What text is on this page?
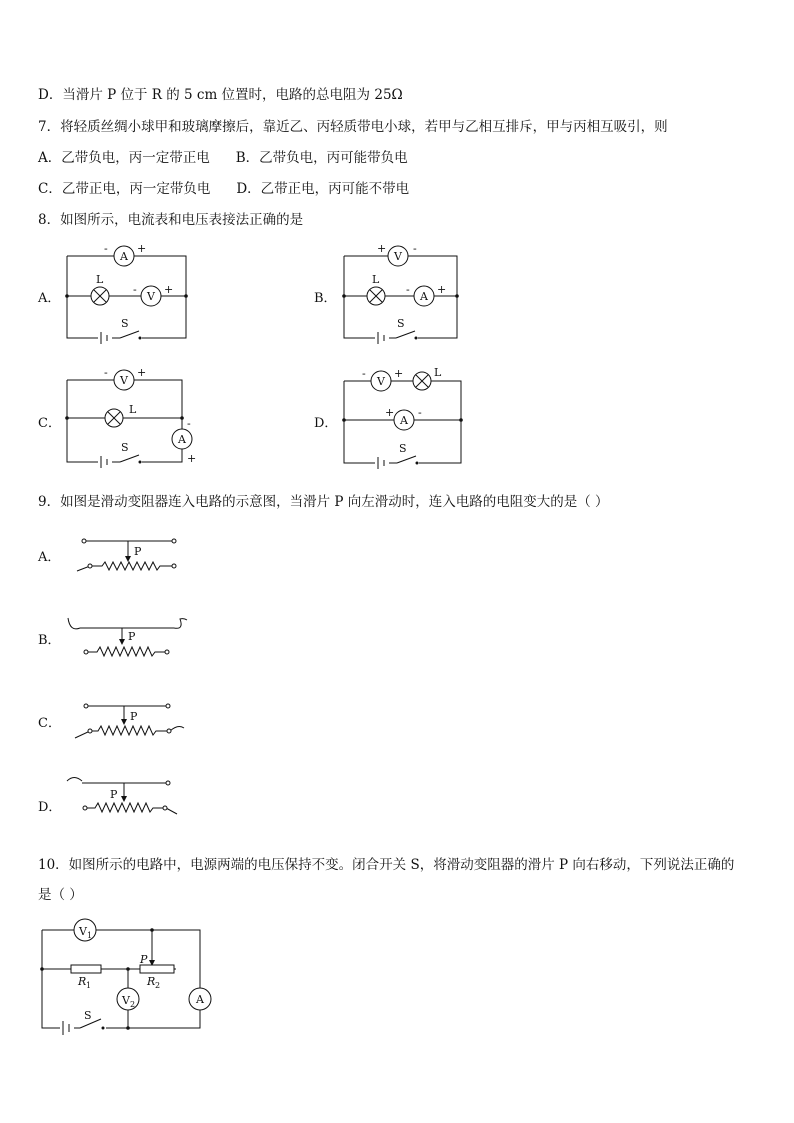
D．当滑片 P 位于 R 的 5 cm 位置时，电路的总电阻为 25Ω
7．将轻质丝绸小球甲和玻璃摩擦后，靠近乙、丙轻质带电小球，若甲与乙相互排斥，甲与丙相互吸引，则
A．乙带负电，丙一定带正电 B．乙带负电，丙可能带负电
C．乙带正电，丙一定带负电 D．乙带正电，丙可能不带电
8．如图所示，电流表和电压表接法正确的是
A．	B．
C．	D．
A
-	+
L
V
- +
S
V
+ -
L
A
- +
S
V
-	+
L
A
-
+
S
V
-	+	L
A
+ -
S
9．如图是滑动变阻器连入电路的示意图，当滑片 P 向左滑动时，连入电路的电阻变大的是（ ）
A．
B．
C．
D．
P
P
P
P
10．如图所示的电路中，电源两端的电压保持不变。闭合开关 S，将滑动变阻器的滑片 P 向右移动，下列说法正确的
是（ ）
V 1
R 1	R 2
P
V 2	A
S
